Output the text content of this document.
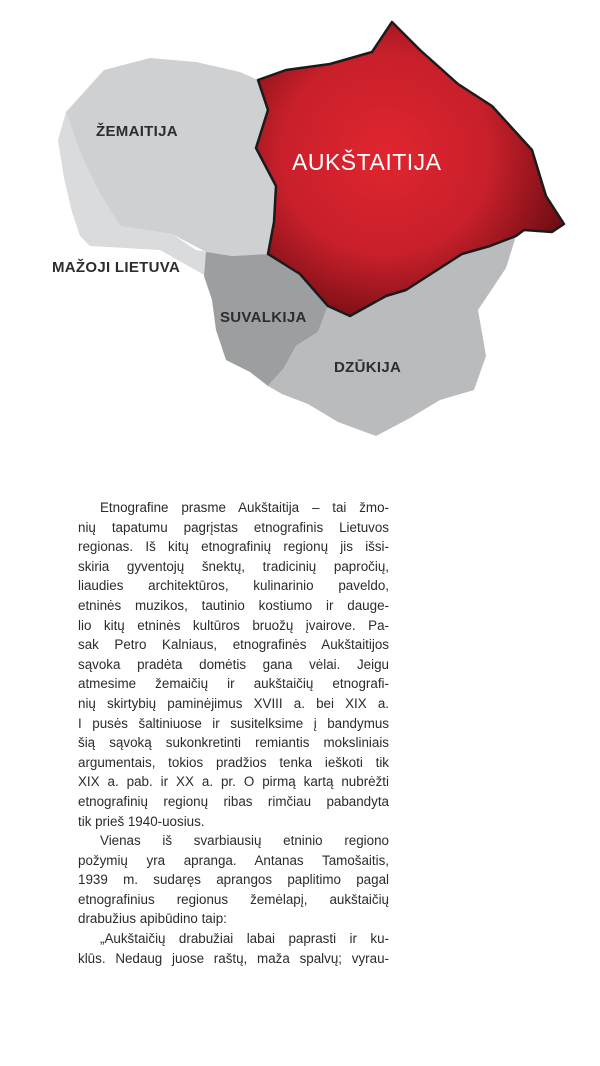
ŽEMAITIJA
AUKŠTAITIJA
MAŽOJI LIETUVA
SUVALKIJA
DZŪKIJA
Etnografine prasme Aukštaitija – tai žmo-
nių tapatumu pagrįstas etnografinis Lietuvos
regionas. Iš kitų etnografinių regionų jis išsi-
skiria gyventojų šnektų, tradicinių papročių,
liaudies architektūros, kulinarinio paveldo,
etninės muzikos, tautinio kostiumo ir dauge-
lio kitų etninės kultūros bruožų įvairove. Pa-
sak Petro Kalniaus, etnografinės Aukštaitijos
sąvoka pradėta domėtis gana vėlai. Jeigu
atmesime žemaičių ir aukštaičių etnografi-
nių skirtybių paminėjimus XVIII a. bei XIX a.
I pusės šaltiniuose ir susitelksime į bandymus
šią sąvoką sukonkretinti remiantis moksliniais
argumentais, tokios pradžios tenka ieškoti tik
XIX a. pab. ir XX a. pr. O pirmą kartą nubrėžti
etnografinių regionų ribas rimčiau pabandyta
tik prieš 1940-uosius.
Vienas iš svarbiausių etninio regiono
požymių yra apranga. Antanas Tamošaitis,
1939 m. sudaręs aprangos paplitimo pagal
etnografinius regionus žemėlapį, aukštaičių
drabužius apibūdino taip:
„Aukštaičių drabužiai labai paprasti ir ku-
klūs. Nedaug juose raštų, maža spalvų; vyrau-
